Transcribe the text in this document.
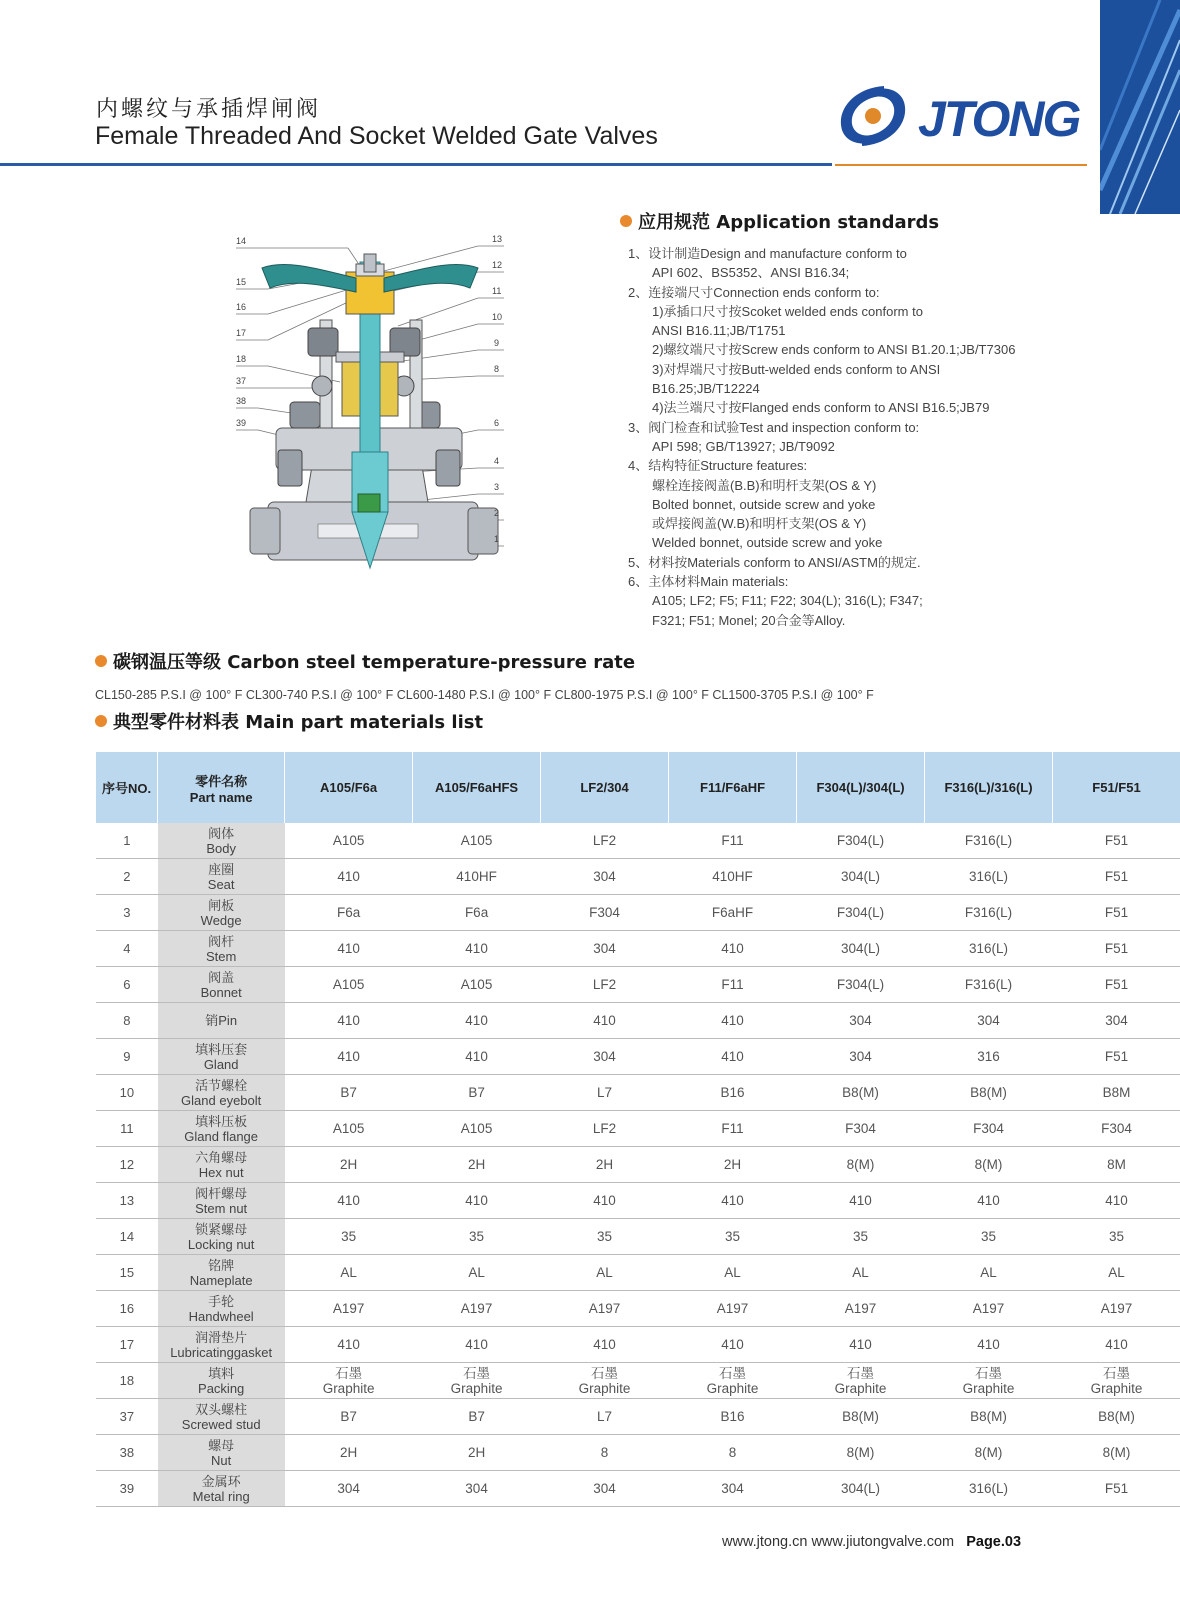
内螺纹与承插焊闸阀
Female Threaded And Socket Welded Gate Valves	JTONG
14
15
16
17
18
37
38
39
13
12
11
10
9
8
6
4
3
2
1
应用规范 Application standards
1、设计制造Design and manufacture conform to
API 602、BS5352、ANSI B16.34;
2、连接端尺寸Connection ends conform to:
1)承插口尺寸按Scoket welded ends conform to
ANSI B16.11;JB/T1751
2)螺纹端尺寸按Screw ends conform to ANSI B1.20.1;JB/T7306
3)对焊端尺寸按Butt-welded ends conform to ANSI
B16.25;JB/T12224
4)法兰端尺寸按Flanged ends conform to ANSI B16.5;JB79
3、阀门检查和试验Test and inspection conform to:
API 598; GB/T13927; JB/T9092
4、结构特征Structure features:
螺栓连接阀盖(B.B)和明杆支架(OS & Y)
Bolted bonnet, outside screw and yoke
或焊接阀盖(W.B)和明杆支架(OS & Y)
Welded bonnet, outside screw and yoke
5、材料按Materials conform to ANSI/ASTM的规定.
6、主体材料Main materials:
A105; LF2; F5; F11; F22; 304(L); 316(L); F347;
F321; F51; Monel; 20合金等Alloy.
碳钢温压等级 Carbon steel temperature-pressure rate
CL150-285 P.S.I @ 100° F CL300-740 P.S.I @ 100° F CL600-1480 P.S.I @ 100° F CL800-1975 P.S.I @ 100° F CL1500-3705 P.S.I @ 100° F
典型零件材料表 Main part materials list
序号NO.	零件名称
Part name	A105/F6a	A105/F6aHFS	LF2/304	F11/F6aHF	F304(L)/304(L)	F316(L)/316(L)	F51/F51
1	阀体
Body	A105	A105	LF2	F11	F304(L)	F316(L)	F51
2	座圈
Seat	410	410HF	304	410HF	304(L)	316(L)	F51
3	闸板
Wedge	F6a	F6a	F304	F6aHF	F304(L)	F316(L)	F51
4	阀杆
Stem	410	410	304	410	304(L)	316(L)	F51
6	阀盖
Bonnet	A105	A105	LF2	F11	F304(L)	F316(L)	F51
8	销Pin	410	410	410	410	304	304	304
9	填料压套
Gland	410	410	304	410	304	316	F51
10	活节螺栓
Gland eyebolt	B7	B7	L7	B16	B8(M)	B8(M)	B8M
11	填料压板
Gland flange	A105	A105	LF2	F11	F304	F304	F304
12	六角螺母
Hex nut	2H	2H	2H	2H	8(M)	8(M)	8M
13	阀杆螺母
Stem nut	410	410	410	410	410	410	410
14	锁紧螺母
Locking nut	35	35	35	35	35	35	35
15	铭牌
Nameplate	AL	AL	AL	AL	AL	AL	AL
16	手轮
Handwheel	A197	A197	A197	A197	A197	A197	A197
17	润滑垫片
Lubricatinggasket	410	410	410	410	410	410	410
18	填料
Packing	石墨
Graphite	石墨
Graphite	石墨
Graphite	石墨
Graphite	石墨
Graphite	石墨
Graphite	石墨
Graphite
37	双头螺柱
Screwed stud	B7	B7	L7	B16	B8(M)	B8(M)	B8(M)
38	螺母
Nut	2H	2H	8	8	8(M)	8(M)	8(M)
39	金属环
Metal ring	304	304	304	304	304(L)	316(L)	F51
www.jtong.cn www.jiutongvalve.com Page.03
